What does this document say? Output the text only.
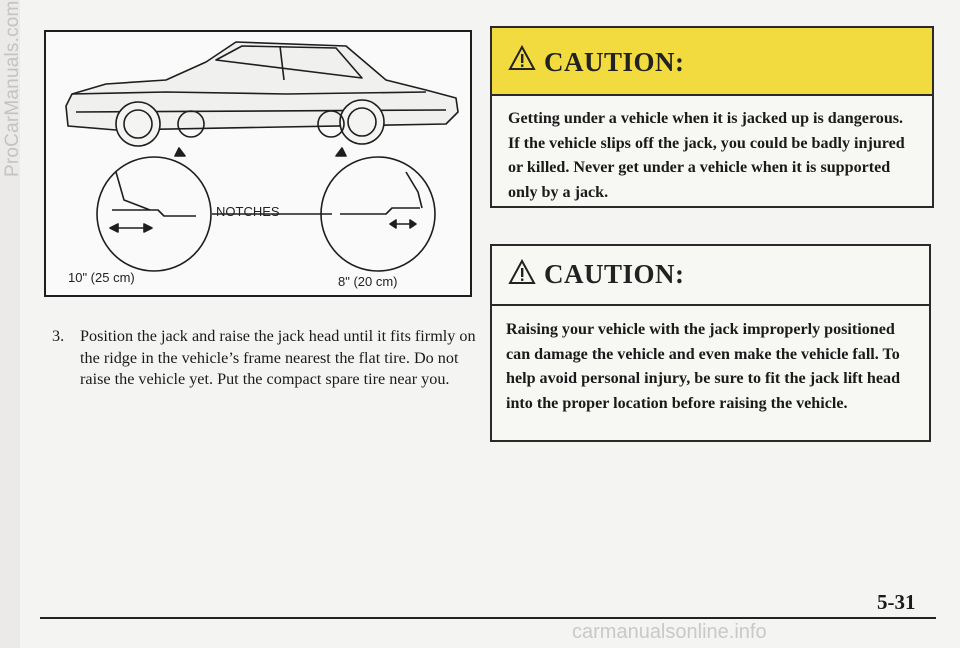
ProCarManuals.com
NOTCHES
10" (25 cm)	8" (20 cm)
3. Position the jack and raise the jack head until it fits firmly on the ridge in the vehicle’s frame nearest the flat tire. Do not raise the vehicle yet. Put the compact spare tire near you.
CAUTION:
Getting under a vehicle when it is jacked up is dangerous. If the vehicle slips off the jack, you could be badly injured or killed. Never get under a vehicle when it is supported only by a jack.
CAUTION:
Raising your vehicle with the jack improperly positioned can damage the vehicle and even make the vehicle fall. To help avoid personal injury, be sure to fit the jack lift head into the proper location before raising the vehicle.
5-31
carmanualsonline.info
